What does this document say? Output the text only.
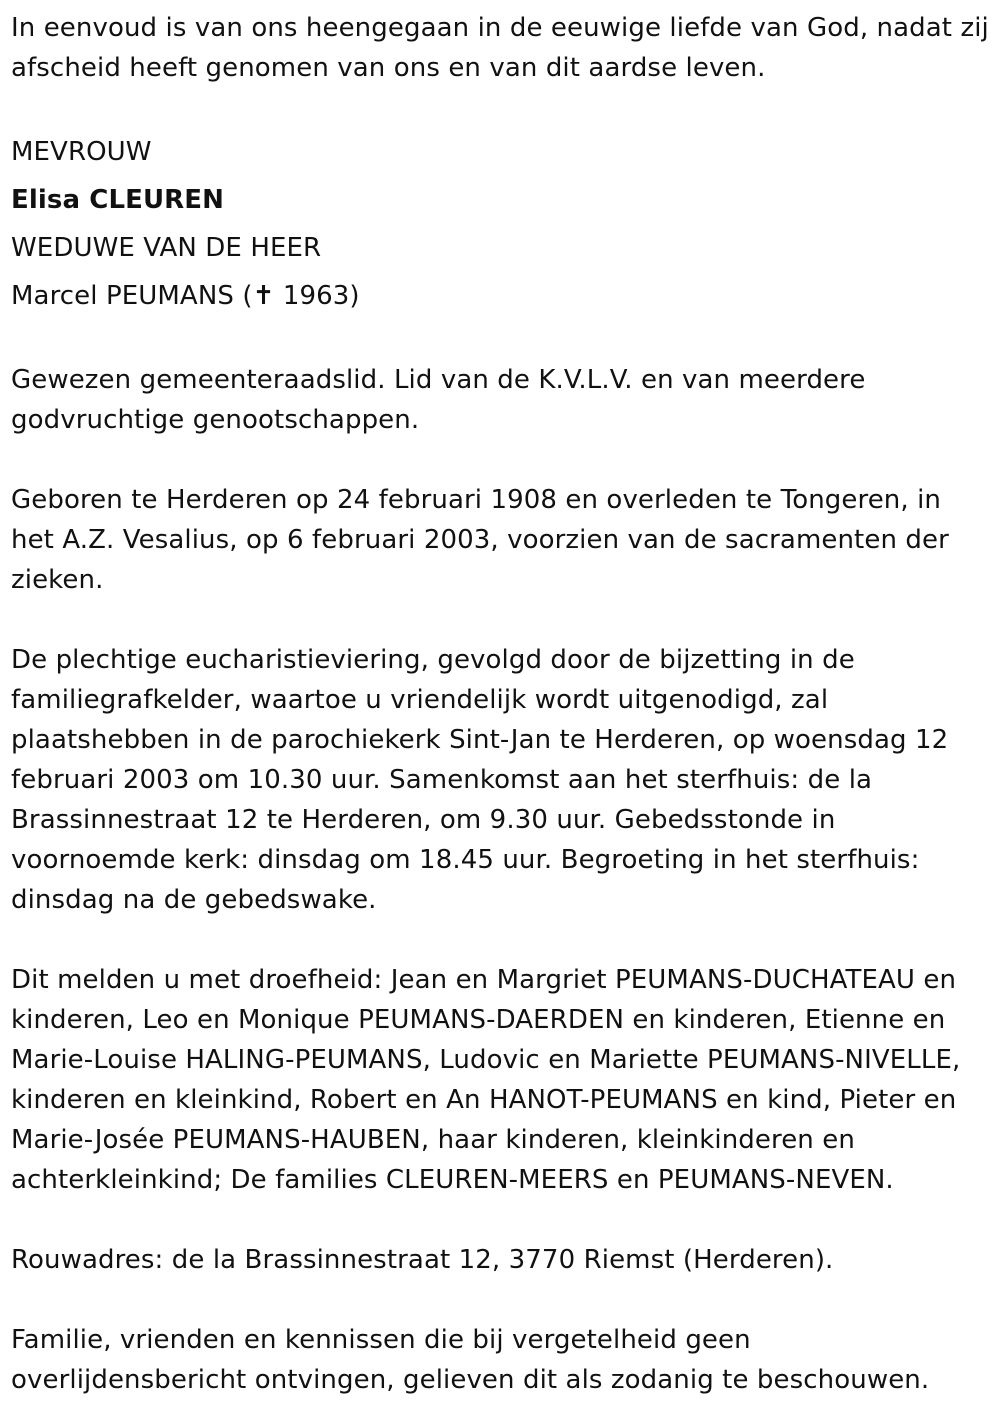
In eenvoud is van ons heengegaan in de eeuwige liefde van God, nadat zij
afscheid heeft genomen van ons en van dit aardse leven.

MEVROUW
Elisa CLEUREN
WEDUWE VAN DE HEER
Marcel PEUMANS (✝ 1963)

Gewezen gemeenteraadslid. Lid van de K.V.L.V. en van meerdere
godvruchtige genootschappen.

Geboren te Herderen op 24 februari 1908 en overleden te Tongeren, in
het A.Z. Vesalius, op 6 februari 2003, voorzien van de sacramenten der
zieken.

De plechtige eucharistieviering, gevolgd door de bijzetting in de
familiegrafkelder, waartoe u vriendelijk wordt uitgenodigd, zal
plaatshebben in de parochiekerk Sint-Jan te Herderen, op woensdag 12
februari 2003 om 10.30 uur. Samenkomst aan het sterfhuis: de la
Brassinnestraat 12 te Herderen, om 9.30 uur. Gebedsstonde in
voornoemde kerk: dinsdag om 18.45 uur. Begroeting in het sterfhuis:
dinsdag na de gebedswake.

Dit melden u met droefheid: Jean en Margriet PEUMANS-DUCHATEAU en
kinderen, Leo en Monique PEUMANS-DAERDEN en kinderen, Etienne en
Marie-Louise HALING-PEUMANS, Ludovic en Mariette PEUMANS-NIVELLE,
kinderen en kleinkind, Robert en An HANOT-PEUMANS en kind, Pieter en
Marie-Josée PEUMANS-HAUBEN, haar kinderen, kleinkinderen en
achterkleinkind; De families CLEUREN-MEERS en PEUMANS-NEVEN.

Rouwadres: de la Brassinnestraat 12, 3770 Riemst (Herderen).

Familie, vrienden en kennissen die bij vergetelheid geen
overlijdensbericht ontvingen, gelieven dit als zodanig te beschouwen.
